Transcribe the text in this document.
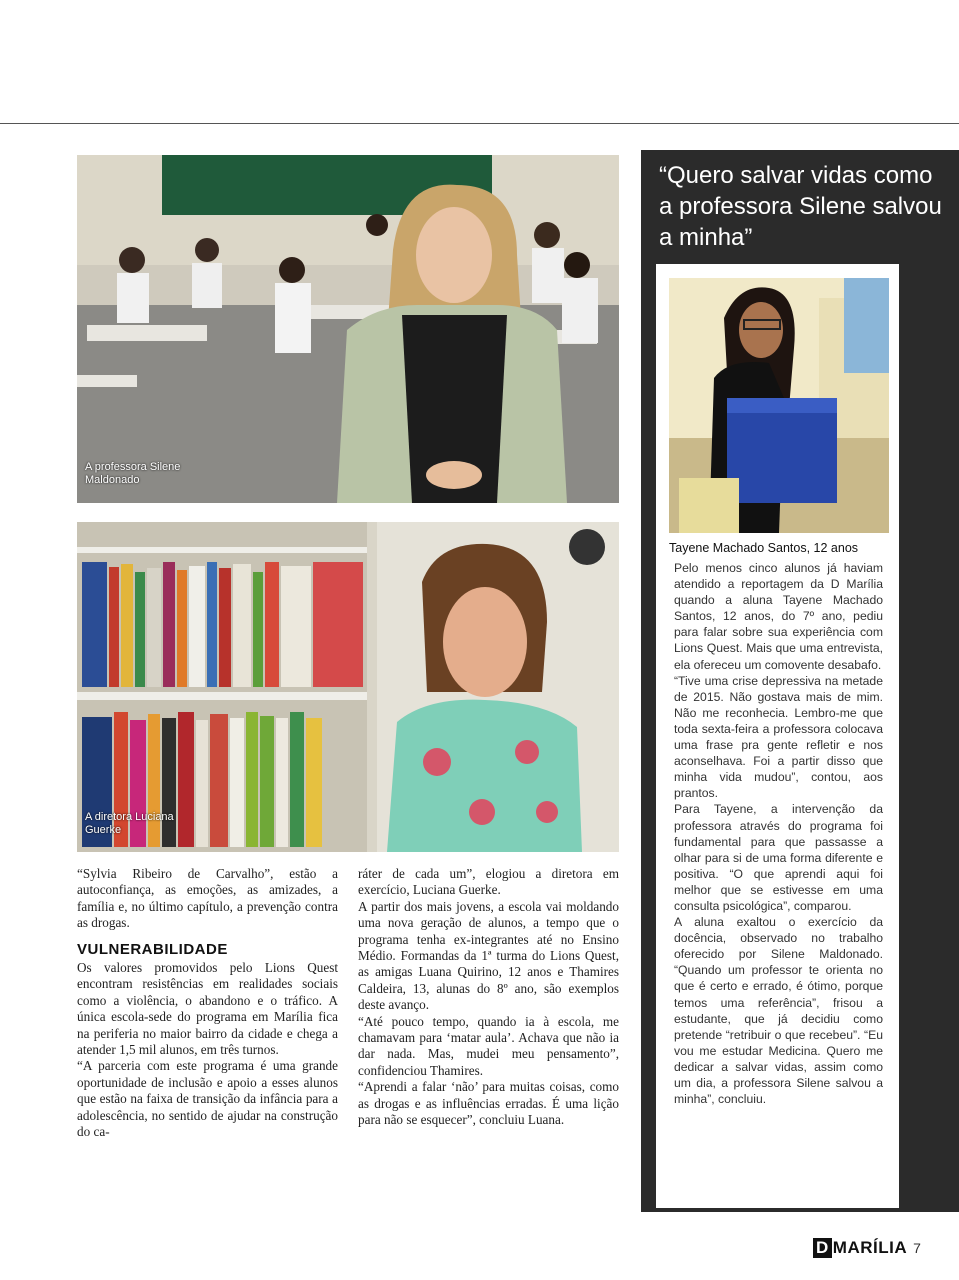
A professora Silene
Maldonado
A diretora Luciana
Guerke

“Sylvia Ribeiro de Carvalho”, estão a autoconfiança, as emoções, as amizades, a família e, no último capítulo, a prevenção contra as drogas.

VULNERABILIDADE

Os valores promovidos pelo Lions Quest encontram resistências em realidades sociais como a violência, o abandono e o tráfico. A única escola-sede do programa em Marília fica na periferia no maior bairro da cidade e chega a atender 1,5 mil alunos, em três turnos.

“A parceria com este programa é uma grande oportunidade de inclusão e apoio a esses alunos que estão na faixa de transição da infância para a adolescência, no sentido de ajudar na construção do ca-

ráter de cada um”, elogiou a diretora em exercício, Luciana Guerke.

A partir dos mais jovens, a escola vai moldando uma nova geração de alunos, a tempo que o programa tenha ex-integrantes até no Ensino Médio. Formandas da 1ª turma do Lions Quest, as amigas Luana Quirino, 12 anos e Thamires Caldeira, 13, alunas do 8º ano, são exemplos deste avanço.

“Até pouco tempo, quando ia à escola, me chamavam para ‘matar aula’. Achava que não ia dar nada. Mas, mudei meu pensamento”, confidenciou Thamires.

“Aprendi a falar ‘não’ para muitas coisas, como as drogas e as influências erradas. É uma lição para não se esquecer”, concluiu Luana.

“Quero salvar vidas como a professora Silene salvou a minha”
Tayene Machado Santos, 12 anos

Pelo menos cinco alunos já haviam atendido a reportagem da D Marília quando a aluna Tayene Machado Santos, 12 anos, do 7º ano, pediu para falar sobre sua experiência com Lions Quest. Mais que uma entrevista, ela ofereceu um comovente desabafo.

“Tive uma crise depressiva na metade de 2015. Não gostava mais de mim. Não me reconhecia. Lembro-me que toda sexta-feira a professora colocava uma frase pra gente refletir e nos aconselhava. Foi a partir disso que minha vida mudou”, contou, aos prantos.

Para Tayene, a intervenção da professora através do programa foi fundamental para que passasse a olhar para si de uma forma diferente e positiva. “O que aprendi aqui foi melhor que se estivesse em uma consulta psicológica”, comparou.

A aluna exaltou o exercício da docência, observado no trabalho oferecido por Silene Maldonado. “Quando um professor te orienta no que é certo e errado, é ótimo, porque temos uma referência”, frisou a estudante, que já decidiu como pretende “retribuir o que recebeu”. “Eu vou me estudar Medicina. Quero me dedicar a salvar vidas, assim como um dia, a professora Silene salvou a minha”, concluiu.

D MARÍLIA 7
